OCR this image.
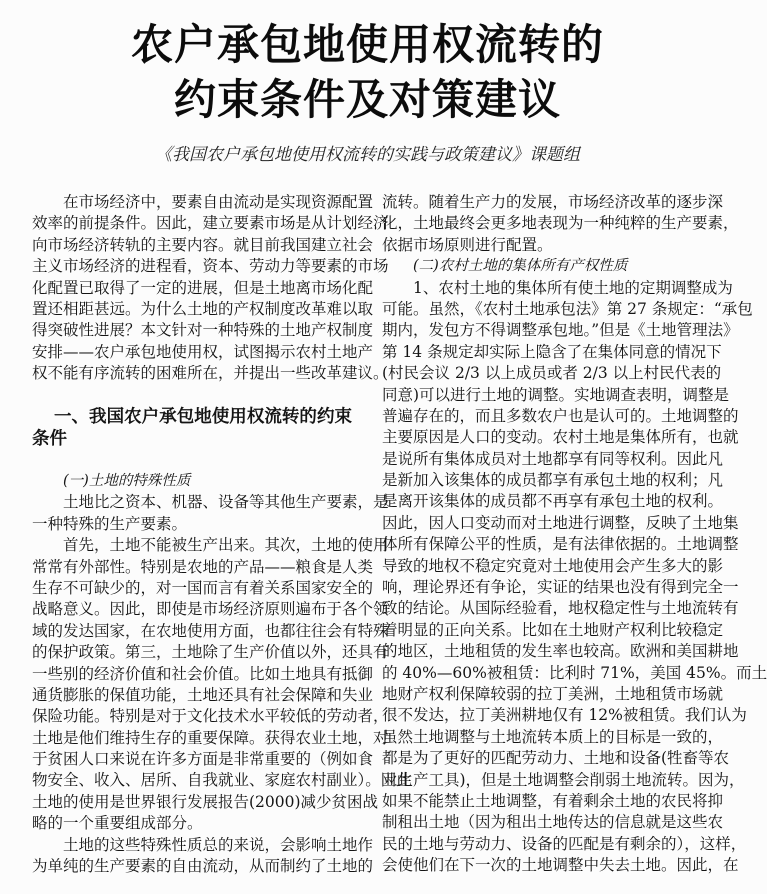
农户承包地使用权流转的
约束条件及对策建议
《我国农户承包地使用权流转的实践与政策建议》课题组
在市场经济中，要素自由流动是实现资源配置
效率的前提条件。因此，建立要素市场是从计划经济
向市场经济转轨的主要内容。就目前我国建立社会
主义市场经济的进程看，资本、劳动力等要素的市场
化配置已取得了一定的进展，但是土地离市场化配
置还相距甚远。为什么土地的产权制度改革难以取
得突破性进展？本文针对一种特殊的土地产权制度
安排——农户承包地使用权，试图揭示农村土地产
权不能有序流转的困难所在，并提出一些改革建议。
一、我国农户承包地使用权流转的约束
条件
(一)土地的特殊性质
土地比之资本、机器、设备等其他生产要素，是
一种特殊的生产要素。
首先，土地不能被生产出来。其次，土地的使用
常常有外部性。特别是农地的产品——粮食是人类
生存不可缺少的，对一国而言有着关系国家安全的
战略意义。因此，即使是市场经济原则遍布于各个领
域的发达国家，在农地使用方面，也都往往会有特殊
的保护政策。第三，土地除了生产价值以外，还具有
一些别的经济价值和社会价值。比如土地具有抵御
通货膨胀的保值功能，土地还具有社会保障和失业
保险功能。特别是对于文化技术水平较低的劳动者，
土地是他们维持生存的重要保障。获得农业土地，对
于贫困人口来说在许多方面是非常重要的（例如食
物安全、收入、居所、自我就业、家庭农村副业）。因此
土地的使用是世界银行发展报告(2000)减少贫困战
略的一个重要组成部分。
土地的这些特殊性质总的来说，会影响土地作
为单纯的生产要素的自由流动，从而制约了土地的
流转。随着生产力的发展，市场经济改革的逐步深
化，土地最终会更多地表现为一种纯粹的生产要素，
依据市场原则进行配置。
(二)农村土地的集体所有产权性质
1、农村土地的集体所有使土地的定期调整成为
可能。虽然，《农村土地承包法》第 27 条规定：“承包
期内，发包方不得调整承包地。”但是《土地管理法》
第 14 条规定却实际上隐含了在集体同意的情况下
(村民会议 2/3 以上成员或者 2/3 以上村民代表的
同意)可以进行土地的调整。实地调查表明，调整是
普遍存在的，而且多数农户也是认可的。土地调整的
主要原因是人口的变动。农村土地是集体所有，也就
是说所有集体成员对土地都享有同等权利。因此凡
是新加入该集体的成员都享有承包土地的权利；凡
是离开该集体的成员都不再享有承包土地的权利。
因此，因人口变动而对土地进行调整，反映了土地集
体所有保障公平的性质，是有法律依据的。土地调整
导致的地权不稳定究竟对土地使用会产生多大的影
响，理论界还有争论，实证的结果也没有得到完全一
致的结论。从国际经验看，地权稳定性与土地流转有
着明显的正向关系。比如在土地财产权利比较稳定
的地区，土地租赁的发生率也较高。欧洲和美国耕地
的 40%—60%被租赁：比利时 71%，美国 45%。而土
地财产权利保障较弱的拉丁美洲，土地租赁市场就
很不发达，拉丁美洲耕地仅有 12%被租赁。我们认为
虽然土地调整与土地流转本质上的目标是一致的，
都是为了更好的匹配劳动力、土地和设备(牲畜等农
业生产工具)，但是土地调整会削弱土地流转。因为，
如果不能禁止土地调整，有着剩余土地的农民将抑
制租出土地（因为租出土地传达的信息就是这些农
民的土地与劳动力、设备的匹配是有剩余的），这样，
会使他们在下一次的土地调整中失去土地。因此，在
